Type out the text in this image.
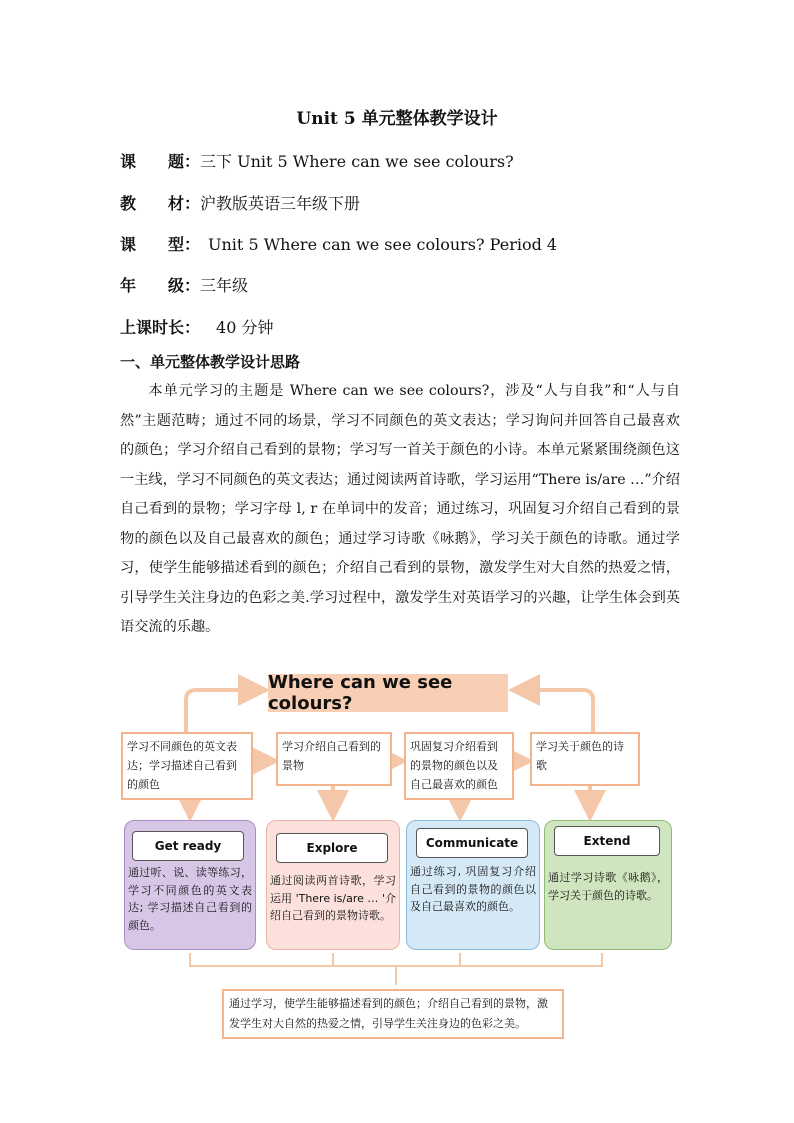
Unit 5 单元整体教学设计
课　　题：三下 Unit 5 Where can we see colours?
教　　材：沪教版英语三年级下册
课　　型： Unit 5 Where can we see colours? Period 4
年　　级：三年级
上课时长： 40 分钟
一、单元整体教学设计思路
本单元学习的主题是 Where can we see colours?，涉及“人与自我”和“人与自然”主题范畴；通过不同的场景，学习不同颜色的英文表达；学习询问并回答自己最喜欢的颜色；学习介绍自己看到的景物；学习写一首关于颜色的小诗。本单元紧紧围绕颜色这一主线，学习不同颜色的英文表达；通过阅读两首诗歌，学习运用“There is/are …”介绍自己看到的景物；学习字母 l, r 在单词中的发音；通过练习，巩固复习介绍自己看到的景物的颜色以及自己最喜欢的颜色；通过学习诗歌《咏鹅》，学习关于颜色的诗歌。通过学习，使学生能够描述看到的颜色；介绍自己看到的景物，激发学生对大自然的热爱之情，引导学生关注身边的色彩之美.学习过程中，激发学生对英语学习的兴趣，让学生体会到英语交流的乐趣。
Where can we see colours?
学习不同颜色的英文表达；学习描述自己看到的颜色
学习介绍自己看到的景物
巩固复习介绍看到的景物的颜色以及自己最喜欢的颜色
学习关于颜色的诗歌
Get ready
通过听、说、读等练习，学习不同颜色的英文表达; 学习描述自己看到的颜色。
Explore
通过阅读两首诗歌，学习运用 'There is/are … '介绍自己看到的景物诗歌。
Communicate
通过练习, 巩固复习介绍自己看到的景物的颜色以及自己最喜欢的颜色。
Extend
通过学习诗歌《咏鹅》，学习关于颜色的诗歌。
通过学习，使学生能够描述看到的颜色；介绍自己看到的景物，激发学生对大自然的热爱之情，引导学生关注身边的色彩之美。
